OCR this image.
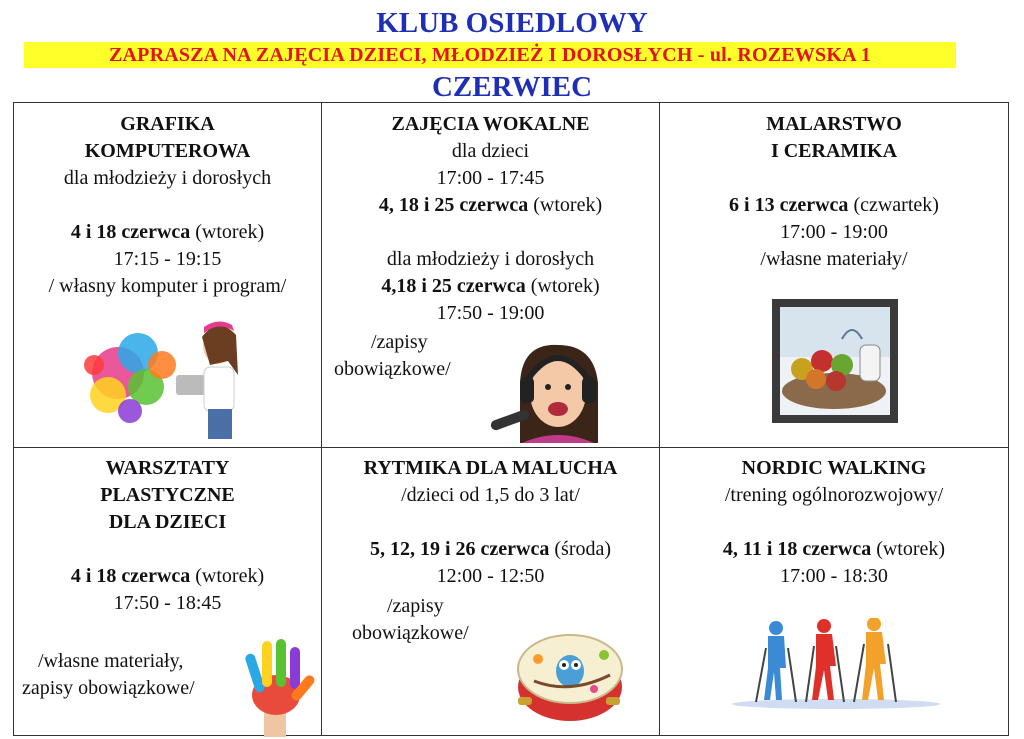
KLUB OSIEDLOWY
ZAPRASZA NA ZAJĘCIA DZIECI, MŁODZIEŻ I DOROSŁYCH - ul. ROZEWSKA 1
CZERWIEC
GRAFIKA
KOMPUTEROWA
dla młodzieży i dorosłych
4 i 18 czerwca (wtorek)
17:15 - 19:15
/ własny komputer i program/
ZAJĘCIA WOKALNE
dla dzieci
17:00 - 17:45
4, 18 i 25 czerwca (wtorek)
dla młodzieży i dorosłych
4,18 i 25 czerwca (wtorek)
17:50 - 19:00
/zapisy
obowiązkowe/
MALARSTWO
I CERAMIKA
6 i 13 czerwca (czwartek)
17:00 - 19:00
/własne materiały/
WARSZTATY
PLASTYCZNE
DLA DZIECI
4 i 18 czerwca (wtorek)
17:50 - 18:45
/własne materiały,
zapisy obowiązkowe/
RYTMIKA DLA MALUCHA
/dzieci od 1,5 do 3 lat/
5, 12, 19 i 26 czerwca (środa)
12:00 - 12:50
/zapisy
obowiązkowe/
NORDIC WALKING
/trening ogólnorozwojowy/
4, 11 i 18 czerwca (wtorek)
17:00 - 18:30
